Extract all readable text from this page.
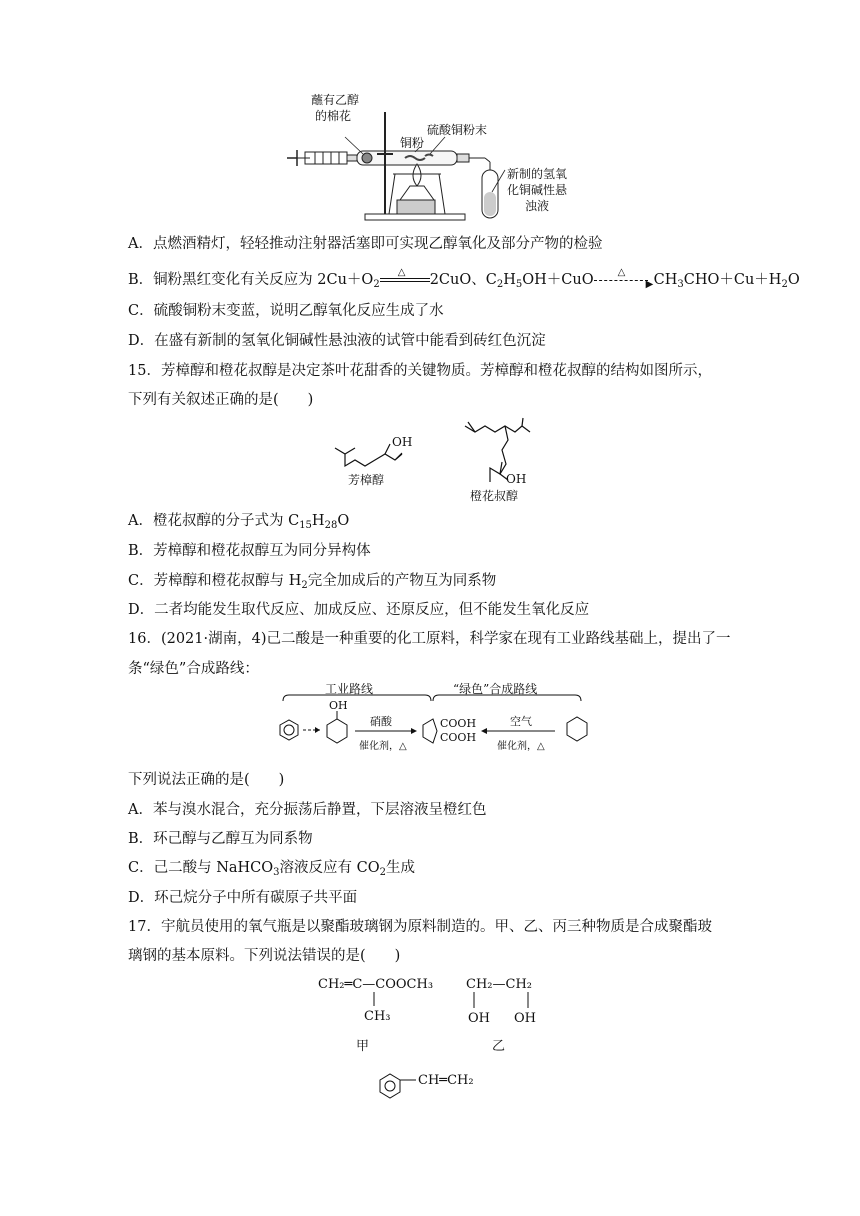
蘸有乙醇
的棉花
铜粉
硫酸铜粉末
新制的氢氧
化铜碱性悬
浊液
A．点燃酒精灯，轻轻推动注射器活塞即可实现乙醇氧化及部分产物的检验
B．铜粉黑红变化有关反应为 $2Cu+O_2$
△ 2CuO、$C_2H_5OH+CuO$ △
▶ $CH_3CHO+Cu+H_2O$
C．硫酸铜粉末变蓝，说明乙醇氧化反应生成了水
D．在盛有新制的氢氧化铜碱性悬浊液的试管中能看到砖红色沉淀
15．芳樟醇和橙花叔醇是决定茶叶花甜香的关键物质。芳樟醇和橙花叔醇的结构如图所示，
下列有关叙述正确的是(　　)
OH
芳樟醇	OH
橙花叔醇
A．橙花叔醇的分子式为 $C_{15}H_{28}O$
B．芳樟醇和橙花叔醇互为同分异构体
C．芳樟醇和橙花叔醇与 $H_2$完全加成后的产物互为同系物
D．二者均能发生取代反应、加成反应、还原反应，但不能发生氧化反应
16．(2021·湖南，4)己二酸是一种重要的化工原料，科学家在现有工业路线基础上，提出了一
条“绿色”合成路线：
工业路线	“绿色”合成路线
OH
硝酸
催化剂，△
COOH
COOH
空气
催化剂，△
下列说法正确的是(　　)
A．苯与溴水混合，充分振荡后静置，下层溶液呈橙红色
B．环己醇与乙醇互为同系物
C．己二酸与 NaHCO$_3$溶液反应有 $CO_2$生成
D．环己烷分子中所有碳原子共平面
17．宇航员使用的氧气瓶是以聚酯玻璃钢为原料制造的。甲、乙、丙三种物质是合成聚酯玻
璃钢的基本原料。下列说法错误的是(　　)
CH₂═C—COOCH₃
CH₃
CH₂—CH₂
OH OH
甲	乙
CH═CH₂
